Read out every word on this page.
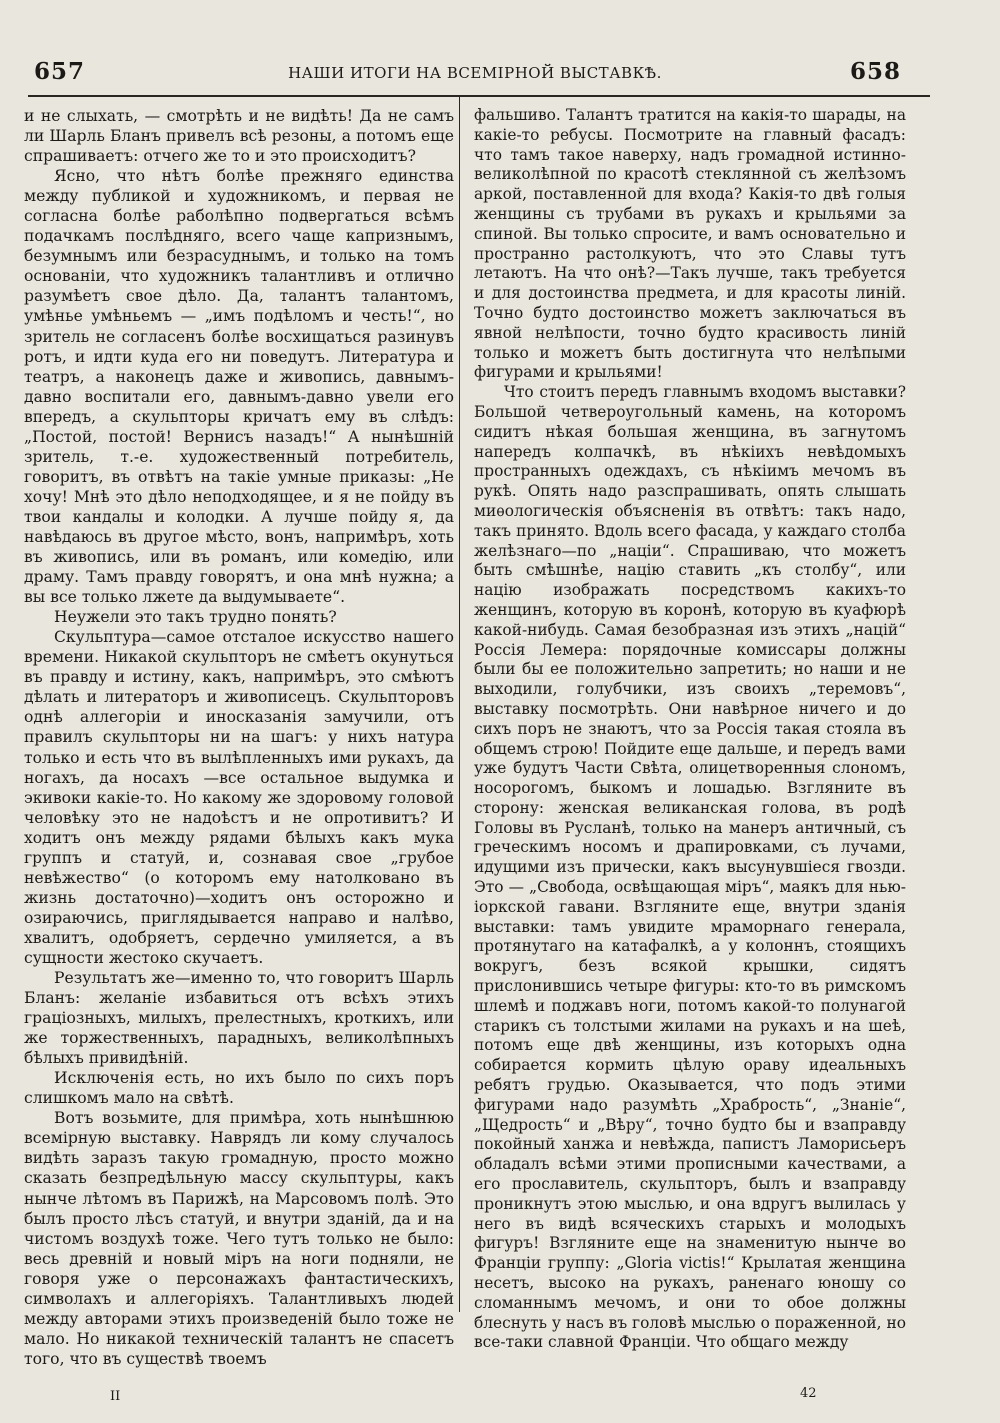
657	НАШИ ИТОГИ НА ВСЕМІРНОЙ ВЫСТАВКѢ.	658

и не слыхать, — смотрѣть и не видѣть! Да не самъ ли Шарль Бланъ привелъ всѣ резоны, а потомъ еще спрашиваетъ: отчего же то и это происходитъ?

Ясно, что нѣтъ болѣе прежняго единства между публикой и художникомъ, и первая не согласна болѣе раболѣпно подвергаться всѣмъ подачкамъ послѣдняго, всего чаще капризнымъ, безумнымъ или безрасуднымъ, и только на томъ основаніи, что художникъ талантливъ и отлично разумѣетъ свое дѣло. Да, талантъ талантомъ, умѣнье умѣньемъ — „имъ подѣломъ и честь!“, но зритель не согласенъ болѣе восхищаться разинувъ ротъ, и идти куда его ни поведутъ. Литература и театръ, а наконецъ даже и живопись, давнымъ-давно воспитали его, давнымъ-давно увели его впередъ, а скульпторы кричатъ ему въ слѣдъ: „Постой, постой! Вернисъ назадъ!“ А нынѣшній зритель, т.-е. художественный потребитель, говоритъ, въ отвѣтъ на такіе умные приказы: „Не хочу! Мнѣ это дѣло неподходящее, и я не пойду въ твои кандалы и колодки. А лучше пойду я, да навѣдаюсь въ другое мѣсто, вонъ, напримѣръ, хоть въ живопись, или въ романъ, или комедію, или драму. Тамъ правду говорятъ, и она мнѣ нужна; а вы все только лжете да выдумываете“.

Неужели это такъ трудно понять?

Скульптура—самое отсталое искусство нашего времени. Никакой скульпторъ не смѣетъ окунуться въ правду и истину, какъ, напримѣръ, это смѣютъ дѣлать и литераторъ и живописецъ. Скульпторовъ однѣ аллегоріи и иносказанія замучили, отъ правилъ скульпторы ни на шагъ: у нихъ натура только и есть что въ вылѣпленныхъ ими рукахъ, да ногахъ, да носахъ —все остальное выдумка и экивоки какіе-то. Но какому же здоровому головой человѣку это не надоѣстъ и не опротивитъ? И ходитъ онъ между рядами бѣлыхъ какъ мука группъ и статуй, и, сознавая свое „грубое невѣжество“ (о которомъ ему натолковано въ жизнь достаточно)—ходитъ онъ осторожно и озираючись, приглядывается направо и налѣво, хвалитъ, одобряетъ, сердечно умиляется, а въ сущности жестоко скучаетъ.

Результатъ же—именно то, что говоритъ Шарль Бланъ: желаніе избавиться отъ всѣхъ этихъ граціозныхъ, милыхъ, прелестныхъ, кроткихъ, или же торжественныхъ, парадныхъ, великолѣпныхъ бѣлыхъ привидѣній.

Исключенія есть, но ихъ было по сихъ поръ слишкомъ мало на свѣтѣ.

Вотъ возьмите, для примѣра, хоть нынѣшнюю всемірную выставку. Наврядъ ли кому случалось видѣть заразъ такую громадную, просто можно сказать безпредѣльную массу скульптуры, какъ нынче лѣтомъ въ Парижѣ, на Марсовомъ полѣ. Это былъ просто лѣсъ статуй, и внутри зданій, да и на чистомъ воздухѣ тоже. Чего тутъ только не было: весь древній и новый міръ на ноги подняли, не говоря уже о персонажахъ фантастическихъ, символахъ и аллегоріяхъ. Талантливыхъ людей между авторами этихъ произведеній было тоже не мало. Но никакой техническій талантъ не спасетъ того, что въ существѣ твоемъ

фальшиво. Талантъ тратится на какія-то шарады, на какіе-то ребусы. Посмотрите на главный фасадъ: что тамъ такое наверху, надъ громадной истинно-великолѣпной по красотѣ стеклянной съ желѣзомъ аркой, поставленной для входа? Какія-то двѣ голыя женщины съ трубами въ рукахъ и крыльями за спиной. Вы только спросите, и вамъ основательно и пространно растолкуютъ, что это Славы тутъ летаютъ. На что онѣ?—Такъ лучше, такъ требуется и для достоинства предмета, и для красоты линій. Точно будто достоинство можетъ заключаться въ явной нелѣпости, точно будто красивость линій только и можетъ быть достигнута что нелѣпыми фигурами и крыльями!

Что стоитъ передъ главнымъ входомъ выставки? Большой четвероугольный камень, на которомъ сидитъ нѣкая большая женщина, въ загнутомъ напередъ колпачкѣ, въ нѣкіихъ невѣдомыхъ пространныхъ одеждахъ, съ нѣкіимъ мечомъ въ рукѣ. Опять надо разспрашивать, опять слышать миѳологическія объясненія въ отвѣтъ: такъ надо, такъ принято. Вдоль всего фасада, у каждаго столба желѣзнаго—по „націи“. Спрашиваю, что можетъ быть смѣшнѣе, націю ставить „къ столбу“, или націю изображать посредствомъ какихъ-то женщинъ, которую въ коронѣ, которую въ куафюрѣ какой-нибудь. Самая безобразная изъ этихъ „націй“ Россія Лемера: порядочные комиссары должны были бы ее положительно запретить; но наши и не выходили, голубчики, изъ своихъ „теремовъ“, выставку посмотрѣть. Они навѣрное ничего и до сихъ поръ не знаютъ, что за Россія такая стояла въ общемъ строю! Пойдите еще дальше, и передъ вами уже будутъ Части Свѣта, олицетворенныя слономъ, носорогомъ, быкомъ и лошадью. Взгляните въ сторону: женская великанская голова, въ родѣ Головы въ Русланѣ, только на манеръ античный, съ греческимъ носомъ и драпировками, съ лучами, идущими изъ прически, какъ высунувшіеся гвозди. Это — „Свобода, освѣщающая міръ“, маякъ для нью-іоркской гавани. Взгляните еще, внутри зданія выставки: тамъ увидите мраморнаго генерала, протянутаго на катафалкѣ, а у колоннъ, стоящихъ вокругъ, безъ всякой крышки, сидятъ прислонившись четыре фигуры: кто-то въ римскомъ шлемѣ и поджавъ ноги, потомъ какой-то полунагой старикъ съ толстыми жилами на рукахъ и на шеѣ, потомъ еще двѣ женщины, изъ которыхъ одна собирается кормить цѣлую ораву идеальныхъ ребятъ грудью. Оказывается, что подъ этими фигурами надо разумѣть „Храбрость“, „Знаніе“, „Щедрость“ и „Вѣру“, точно будто бы и взаправду покойный ханжа и невѣжда, папистъ Ламорисьеръ обладалъ всѣми этими прописными качествами, а его прославитель, скульпторъ, былъ и взаправду проникнутъ этою мыслью, и она вдругъ вылилась у него въ видѣ всяческихъ старыхъ и молодыхъ фигуръ! Взгляните еще на знаменитую нынче во Франціи группу: „Gloria victis!“ Крылатая женщина несетъ, высоко на рукахъ, раненаго юношу со сломаннымъ мечомъ, и они то обое должны блеснуть у насъ въ головѣ мыслью о пораженной, но все-таки славной Франціи. Что общаго между

II	42
